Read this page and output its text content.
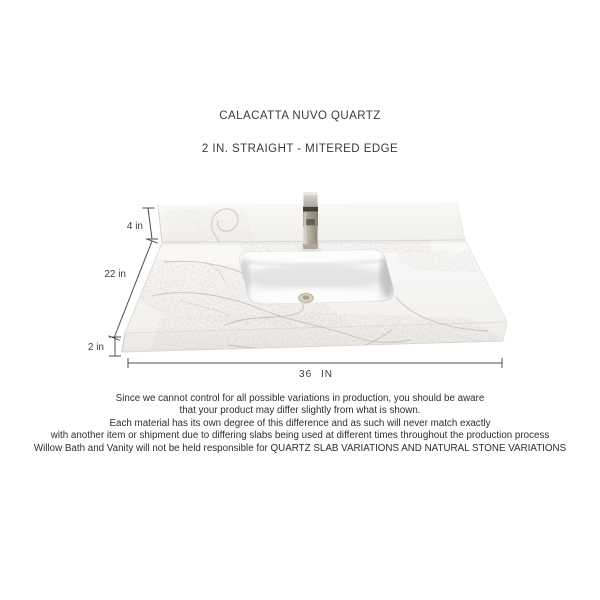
CALACATTA NUVO QUARTZ
2 IN. STRAIGHT - MITERED EDGE
4 in
22 in
2 in
36 IN
Since we cannot control for all possible variations in production, you should be aware
that your product may differ slightly from what is shown.
Each material has its own degree of this difference and as such will never match exactly
with another item or shipment due to differing slabs being used at different times throughout the production process
Willow Bath and Vanity will not be held responsible for QUARTZ SLAB VARIATIONS AND NATURAL STONE VARIATIONS
